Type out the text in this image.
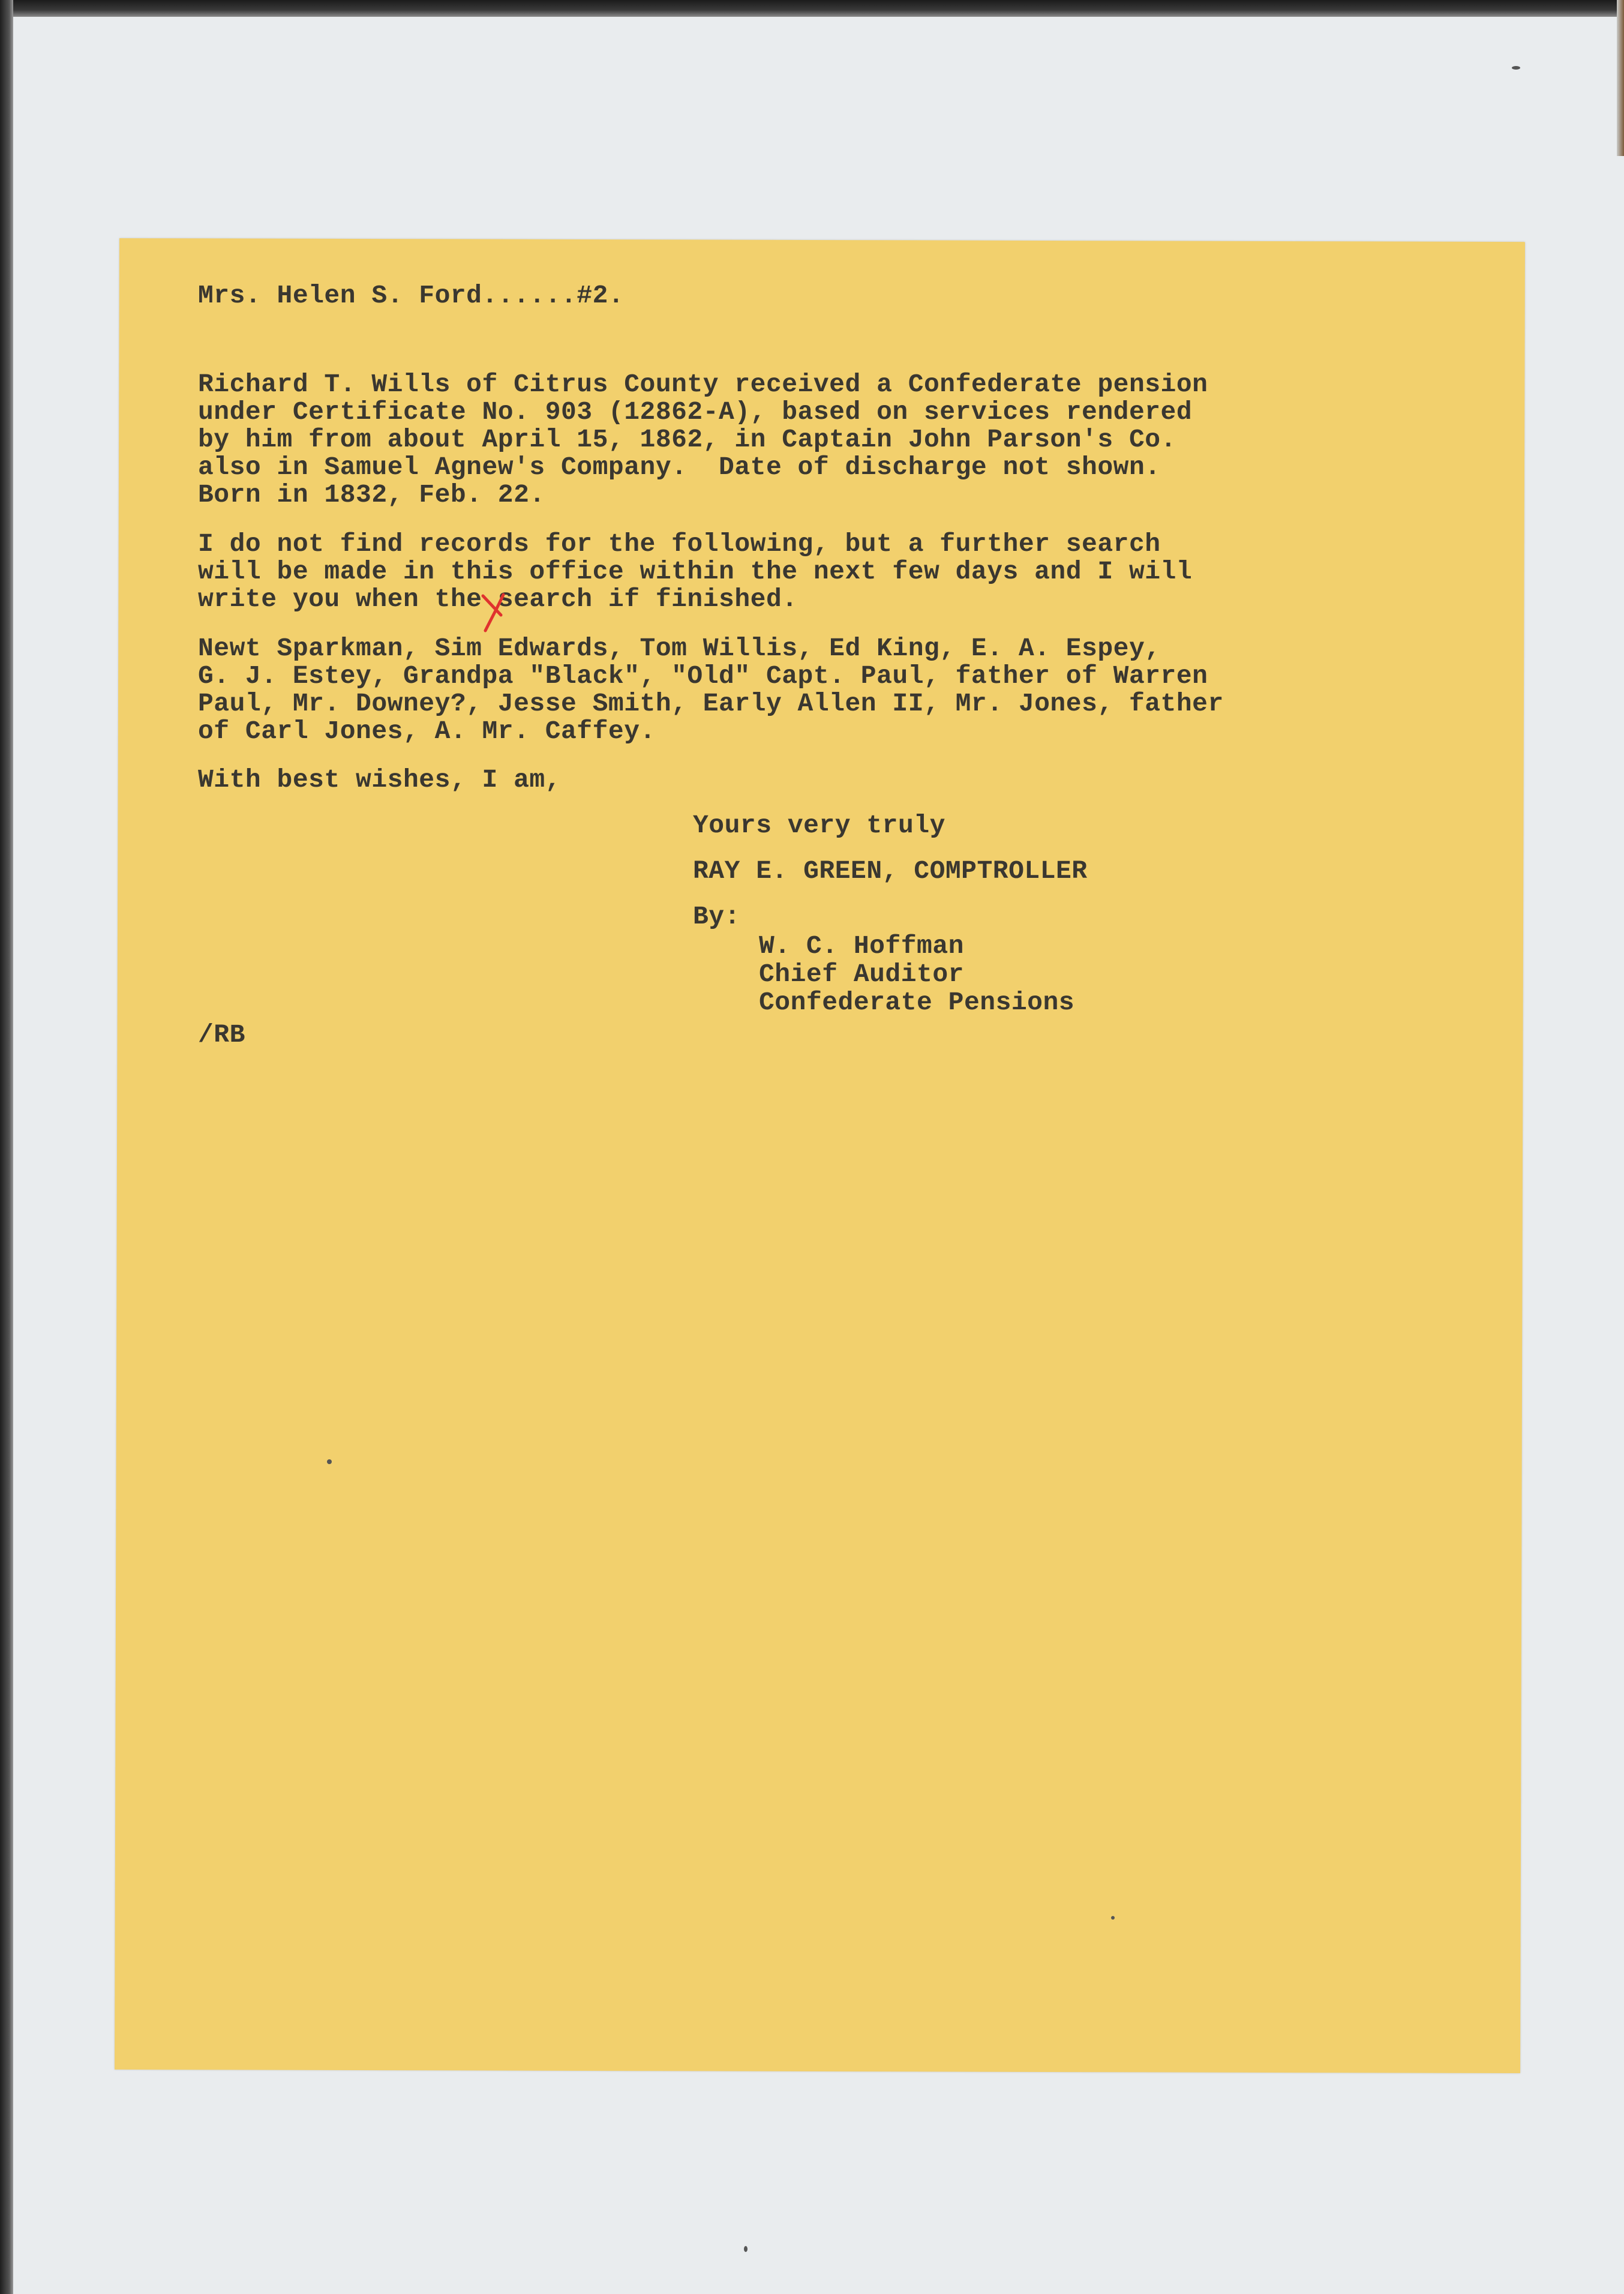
Mrs. Helen S. Ford......#2.
Richard T. Wills of Citrus County received a Confederate pension
under Certificate No. 903 (12862-A), based on services rendered
by him from about April 15, 1862, in Captain John Parson's Co.
also in Samuel Agnew's Company.  Date of discharge not shown.
Born in 1832, Feb. 22.
I do not find records for the following, but a further search
will be made in this office within the next few days and I will
write you when the search if finished.
Newt Sparkman, Sim Edwards, Tom Willis, Ed King, E. A. Espey,
G. J. Estey, Grandpa "Black", "Old" Capt. Paul, father of Warren
Paul, Mr. Downey?, Jesse Smith, Early Allen II, Mr. Jones, father
of Carl Jones, A. Mr. Caffey.
With best wishes, I am,
Yours very truly
RAY E. GREEN, COMPTROLLER
By:
W. C. Hoffman
Chief Auditor
Confederate Pensions
/RB
